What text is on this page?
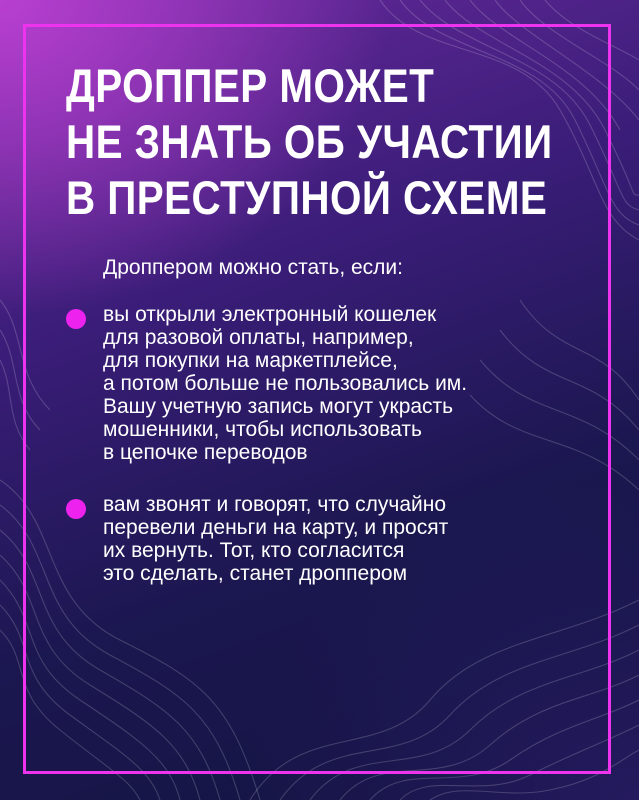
ДРОППЕР МОЖЕТ
НЕ ЗНАТЬ ОБ УЧАСТИИ
В ПРЕСТУПНОЙ СХЕМЕ
Дроппером можно стать, если:
вы открыли электронный кошелек
для разовой оплаты, например,
для покупки на маркетплейсе,
а потом больше не пользовались им.
Вашу учетную запись могут украсть
мошенники, чтобы использовать
в цепочке переводов
вам звонят и говорят, что случайно
перевели деньги на карту, и просят
их вернуть. Тот, кто согласится
это сделать, станет дроппером
